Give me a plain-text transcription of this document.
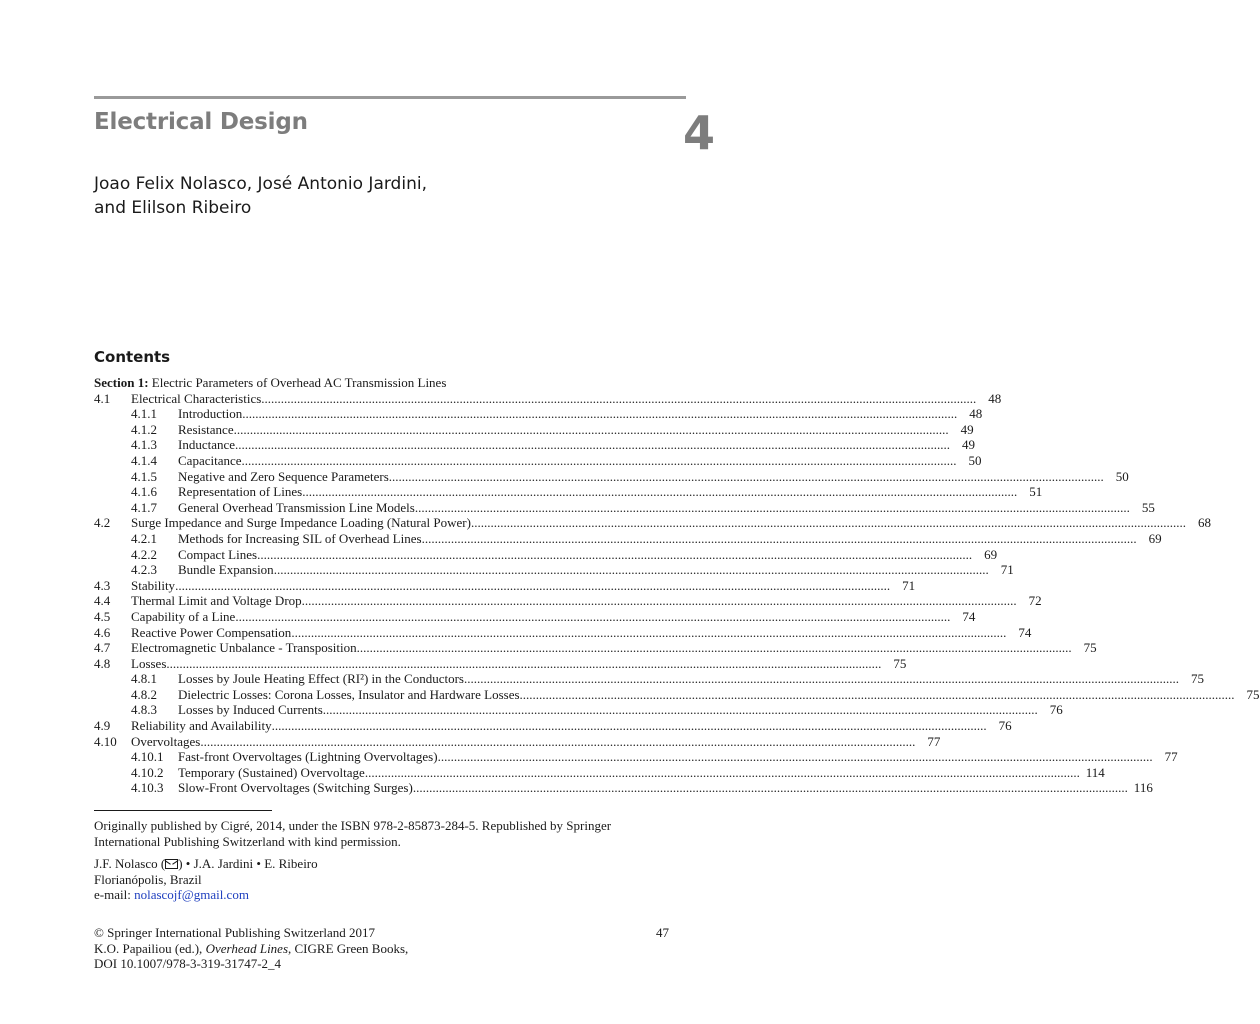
Electrical Design	4
Joao Felix Nolasco, José Antonio Jardini,
and Elilson Ribeiro
Contents
Section 1: Electric Parameters of Overhead AC Transmission Lines
4.1	Electrical Characteristics .....	48
4.1.1	Introduction .....	48
4.1.2	Resistance .....	49
4.1.3	Inductance .....	49
4.1.4	Capacitance .....	50
4.1.5	Negative and Zero Sequence Parameters .....	50
4.1.6	Representation of Lines .....	51
4.1.7	General Overhead Transmission Line Models .....	55
4.2	Surge Impedance and Surge Impedance Loading (Natural Power) .....	68
4.2.1	Methods for Increasing SIL of Overhead Lines .....	69
4.2.2	Compact Lines .....	69
4.2.3	Bundle Expansion .....	71
4.3	Stability .....	71
4.4	Thermal Limit and Voltage Drop .....	72
4.5	Capability of a Line .....	74
4.6	Reactive Power Compensation .....	74
4.7	Electromagnetic Unbalance - Transposition .....	75
4.8	Losses .....	75
4.8.1	Losses by Joule Heating Effect (RI²) in the Conductors .....	75
4.8.2	Dielectric Losses: Corona Losses, Insulator and Hardware Losses .....	75
4.8.3	Losses by Induced Currents .....	76
4.9	Reliability and Availability .....	76
4.10	Overvoltages .....	77
4.10.1	Fast-front Overvoltages (Lightning Overvoltages) .....	77
4.10.2	Temporary (Sustained) Overvoltage .....	114
4.10.3	Slow-Front Overvoltages (Switching Surges) .....	116
Originally published by Cigré, 2014, under the ISBN 978-2-85873-284-5. Republished by Springer
International Publishing Switzerland with kind permission.
J.F. Nolasco ( ) • J.A. Jardini • E. Ribeiro
Florianópolis, Brazil
e-mail: nolascojf@gmail.com
© Springer International Publishing Switzerland 2017
K.O. Papailiou (ed.), Overhead Lines, CIGRE Green Books,
DOI 10.1007/978-3-319-31747-2_4
47
